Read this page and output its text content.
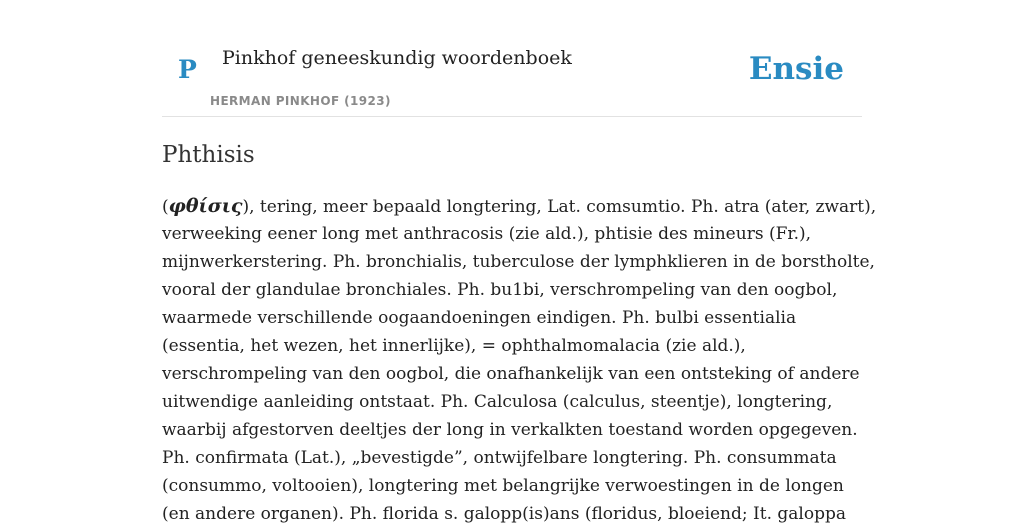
P Pinkhof geneeskundig woordenboek
HERMAN PINKHOF (1923)
Ensie
Phthisis
(φθίσις), tering, meer bepaald longtering, Lat. comsumtio. Ph. atra (ater, zwart),
verweeking eener long met anthracosis (zie ald.), phtisie des mineurs (Fr.),
mijnwerkerstering. Ph. bronchialis, tuberculose der lymphklieren in de borstholte,
vooral der glandulae bronchiales. Ph. bu1bi, verschrompeling van den oogbol,
waarmede verschillende oogaandoeningen eindigen. Ph. bulbi essentialia
(essentia, het wezen, het innerlijke), = ophthalmomalacia (zie ald.),
verschrompeling van den oogbol, die onafhankelijk van een ontsteking of andere
uitwendige aanleiding ontstaat. Ph. Calculosa (calculus, steentje), longtering,
waarbij afgestorven deeltjes der long in verkalkten toestand worden opgegeven.
Ph. confirmata (Lat.), „bevestigde”, ontwijfelbare longtering. Ph. consummata
(consummo, voltooien), longtering met belangrijke verwoestingen in de longen
(en andere organen). Ph. florida s. galopp(is)ans (floridus, bloeiend; It. galoppa
